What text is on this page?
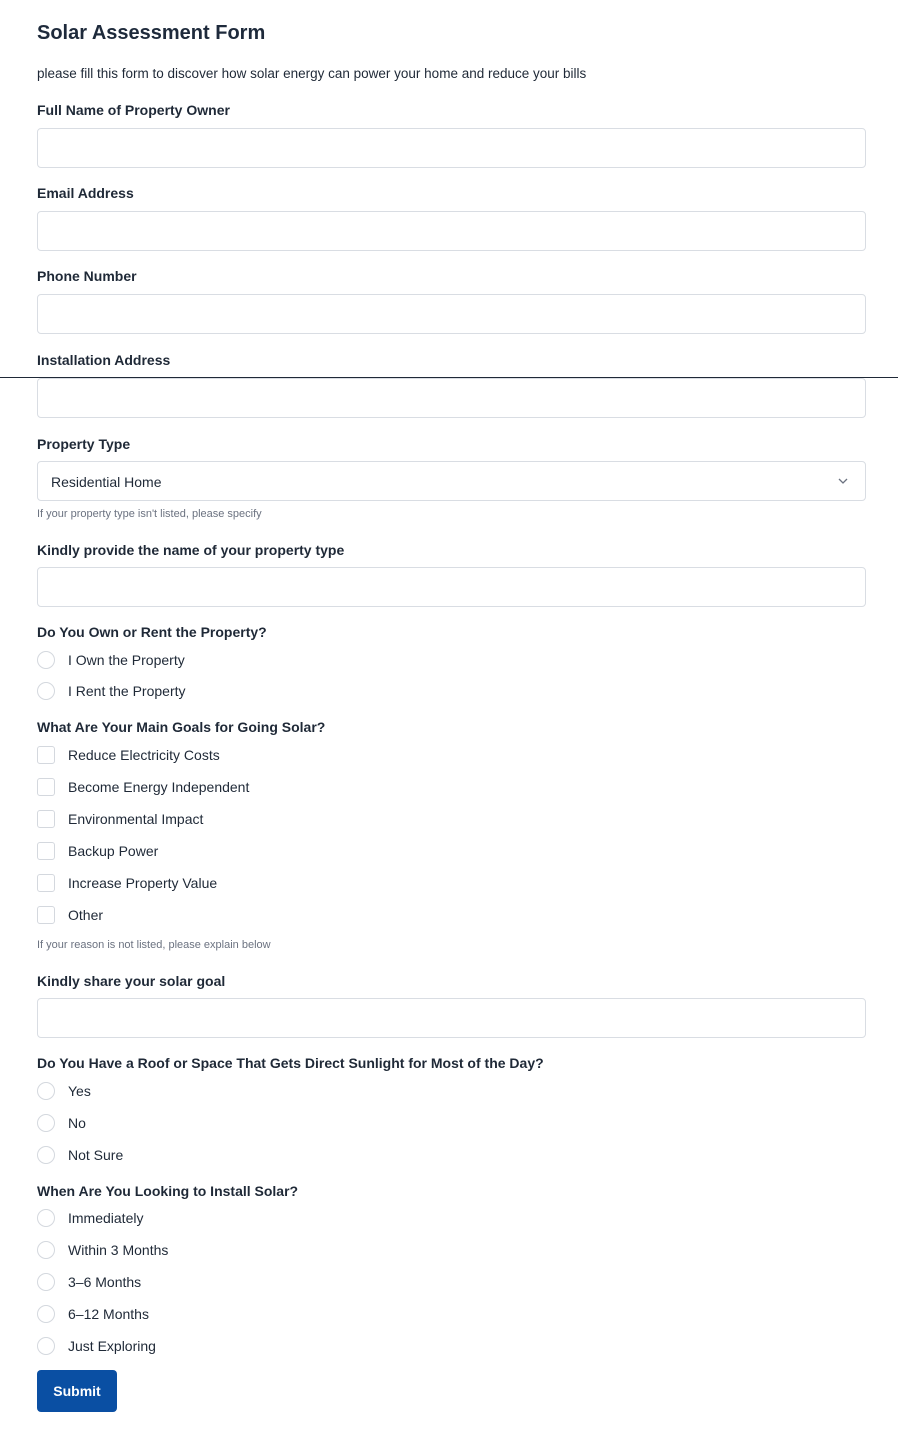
Solar Assessment Form
please fill this form to discover how solar energy can power your home and reduce your bills
Full Name of Property Owner
Email Address
Phone Number
Installation Address
Property Type
Residential Home
If your property type isn't listed, please specify
Kindly provide the name of your property type
Do You Own or Rent the Property?
I Own the Property
I Rent the Property
What Are Your Main Goals for Going Solar?
Reduce Electricity Costs
Become Energy Independent
Environmental Impact
Backup Power
Increase Property Value
Other
If your reason is not listed, please explain below
Kindly share your solar goal
Do You Have a Roof or Space That Gets Direct Sunlight for Most of the Day?
Yes
No
Not Sure
When Are You Looking to Install Solar?
Immediately
Within 3 Months
3–6 Months
6–12 Months
Just Exploring
Submit
